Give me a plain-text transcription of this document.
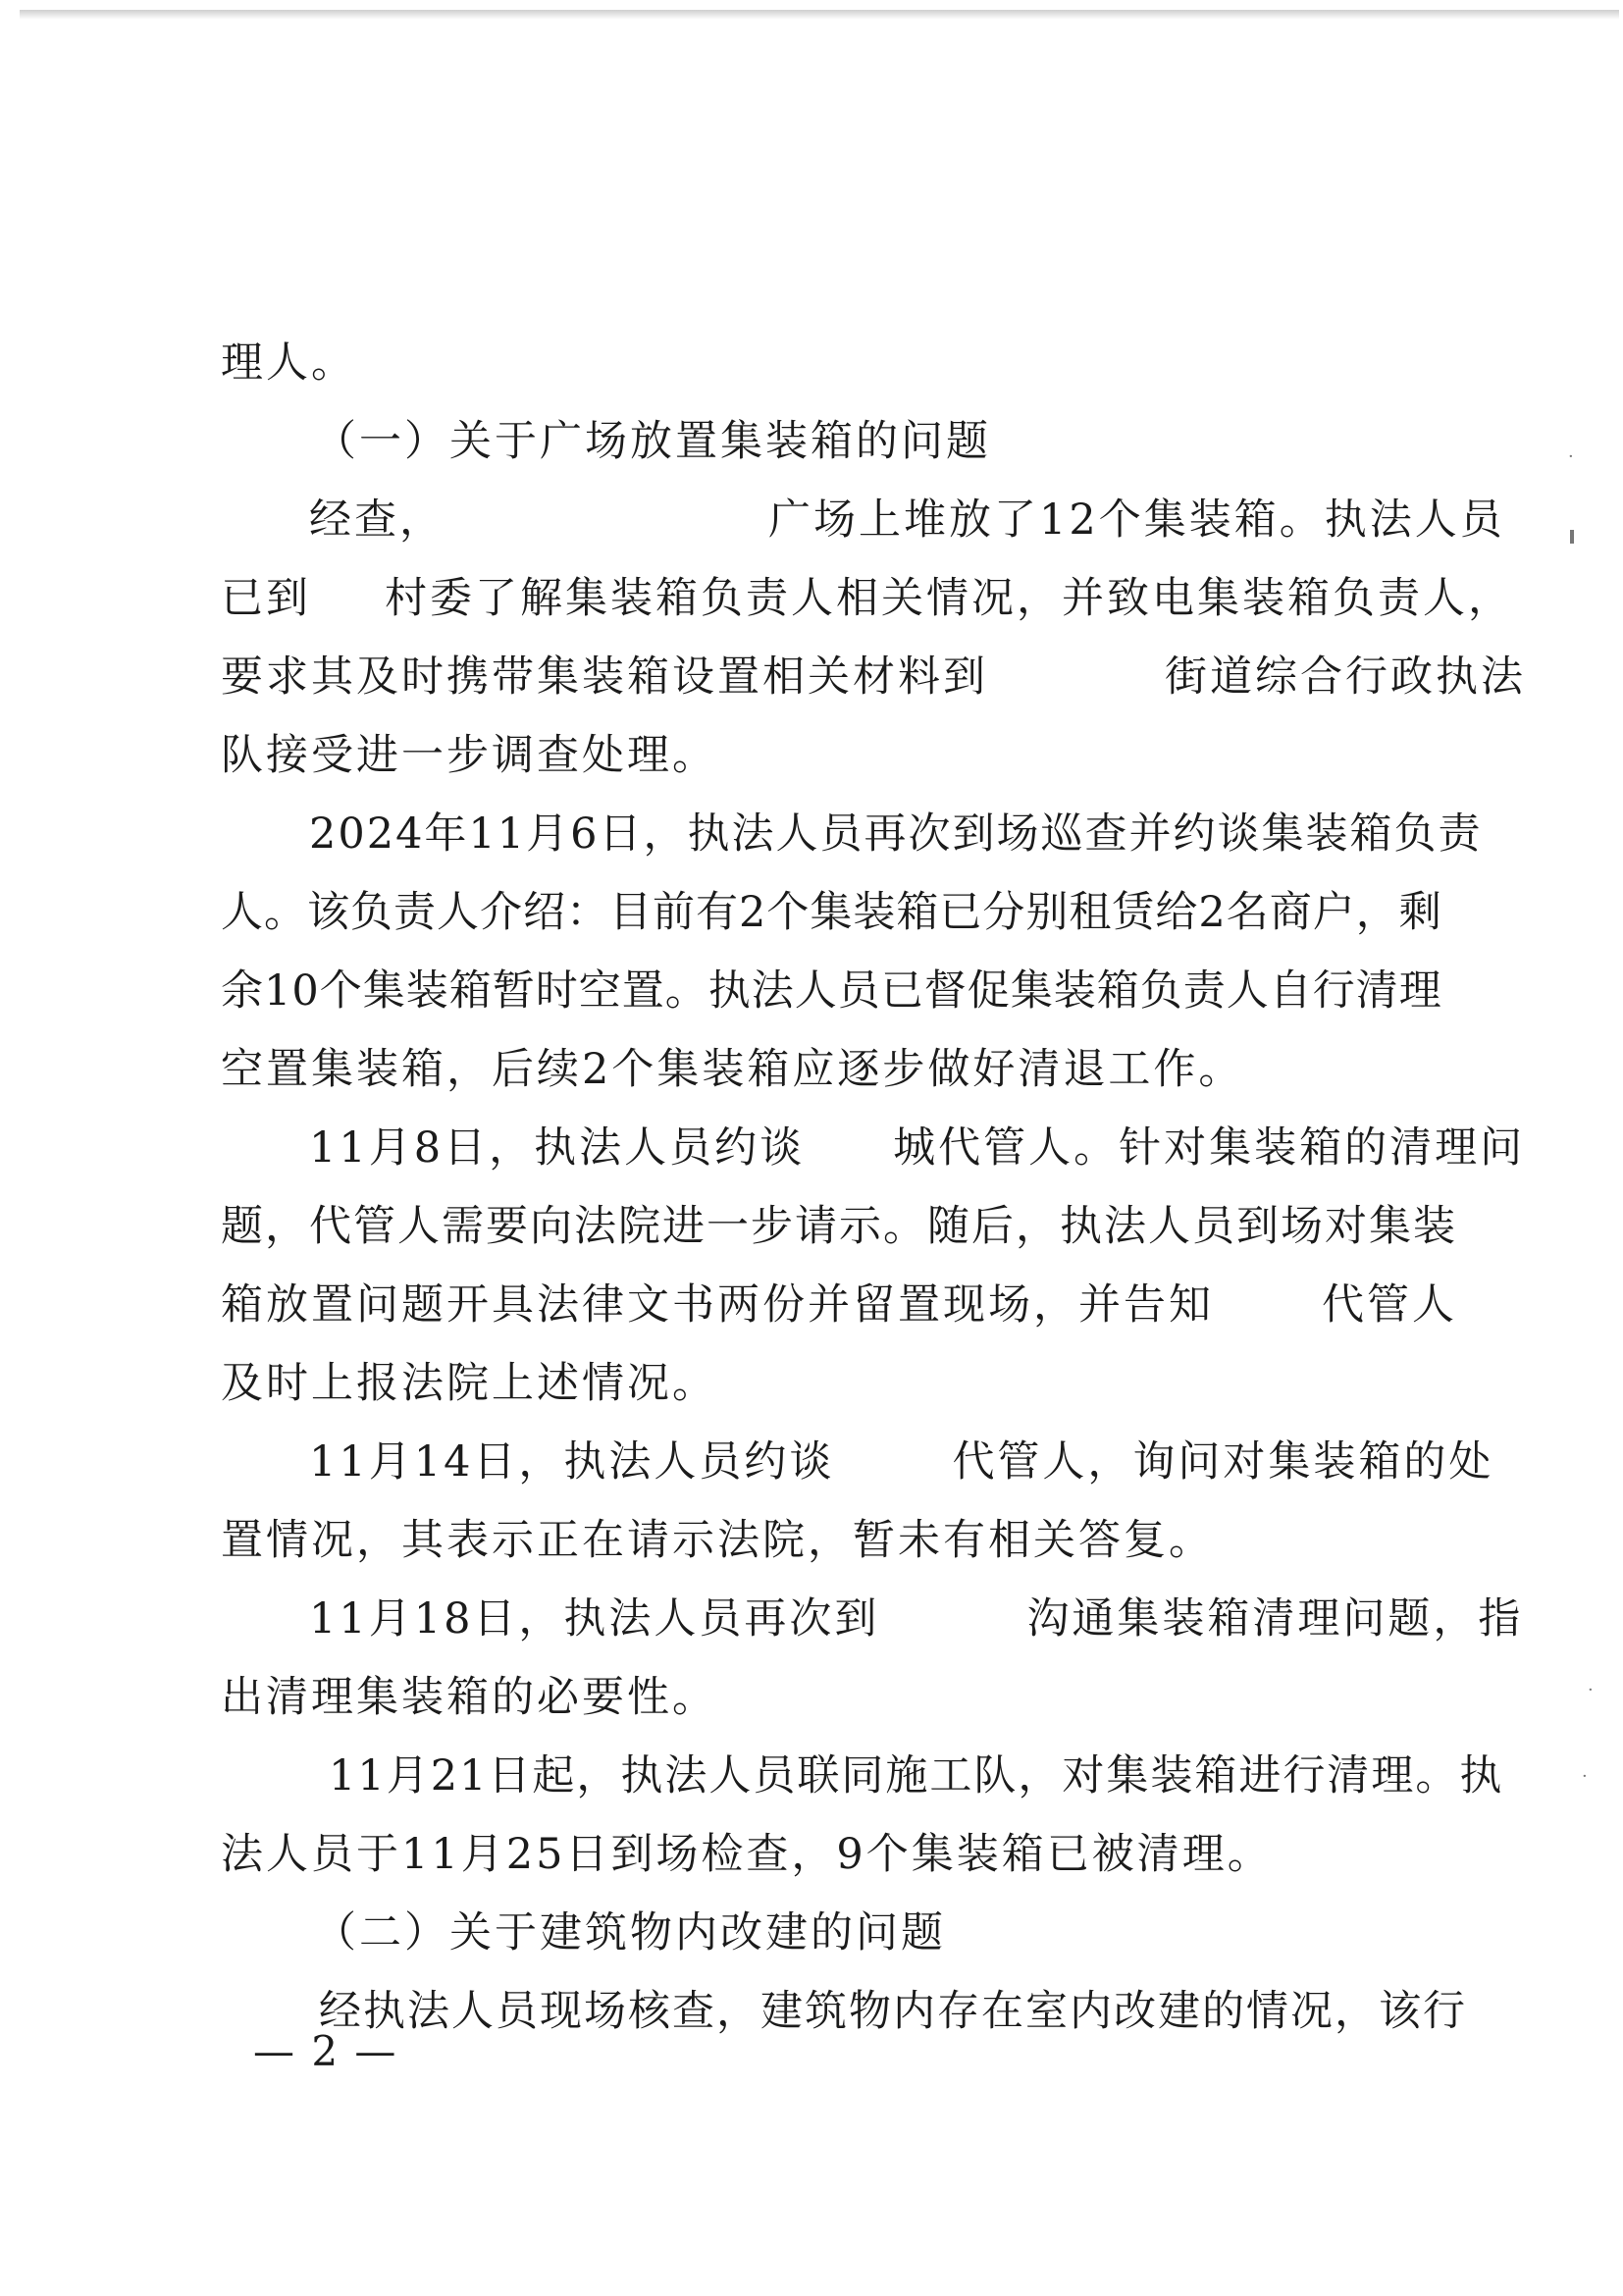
理人。
（一）关于广场放置集装箱的问题
经查，	广场上堆放了12个集装箱。执法人员
已到 村委了解集装箱负责人相关情况，并致电集装箱负责人，
要求其及时携带集装箱设置相关材料到	街道综合行政执法
队接受进一步调查处理。
2024年11月6日，执法人员再次到场巡查并约谈集装箱负责
人。该负责人介绍：目前有2个集装箱已分别租赁给2名商户，剩
余10个集装箱暂时空置。执法人员已督促集装箱负责人自行清理
空置集装箱，后续2个集装箱应逐步做好清退工作。
11月8日，执法人员约谈 城代管人。针对集装箱的清理问
题，代管人需要向法院进一步请示。随后，执法人员到场对集装
箱放置问题开具法律文书两份并留置现场，并告知	代管人
及时上报法院上述情况。
11月14日，执法人员约谈	代管人，询问对集装箱的处
置情况，其表示正在请示法院，暂未有相关答复。
11月18日，执法人员再次到	沟通集装箱清理问题，指
出清理集装箱的必要性。
11月21日起，执法人员联同施工队，对集装箱进行清理。执
法人员于11月25日到场检查，9个集装箱已被清理。
（二）关于建筑物内改建的问题
经执法人员现场核查，建筑物内存在室内改建的情况，该行
— 2 —
·
·
·
